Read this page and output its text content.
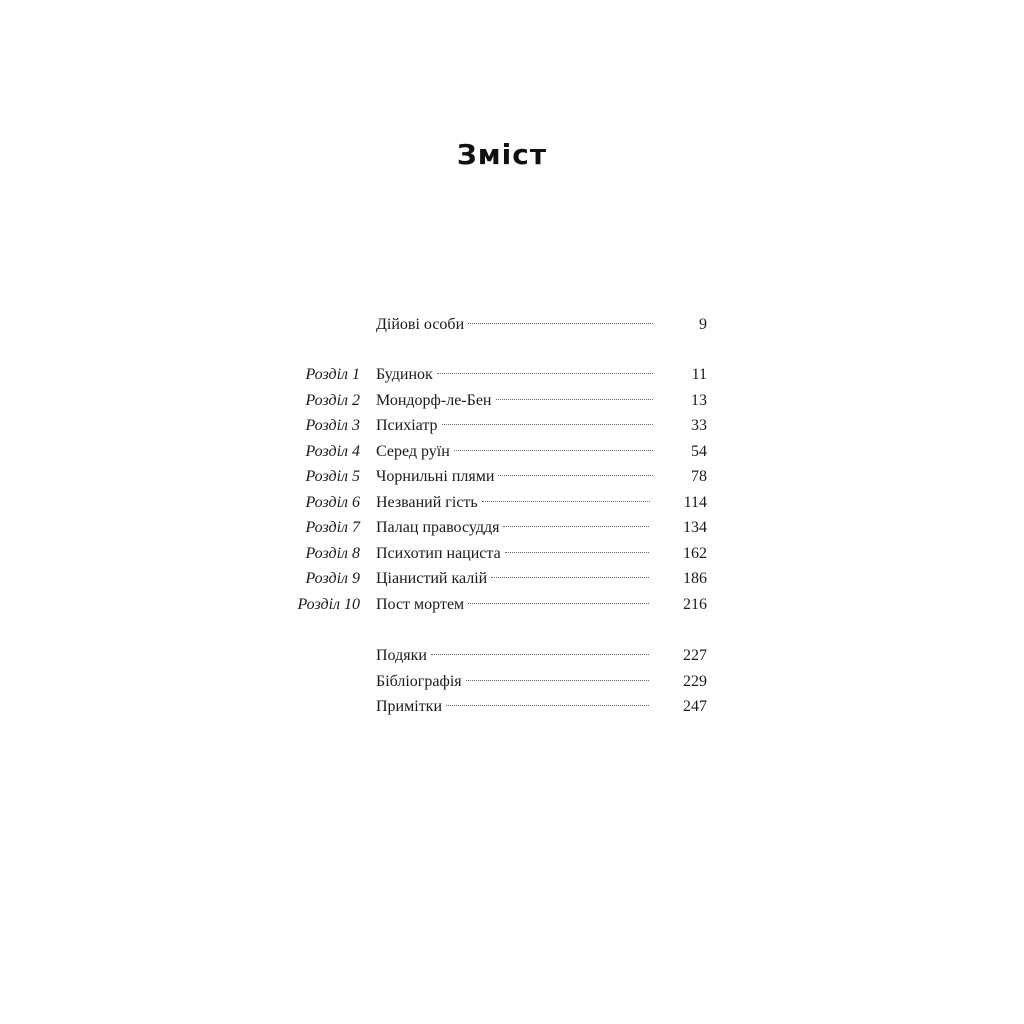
Зміст
Дійові особи	9
Розділ 1 Будинок	11
Розділ 2 Мондорф-ле-Бен	13
Розділ 3 Психіатр	33
Розділ 4 Серед руїн	54
Розділ 5 Чорнильні плями	78
Розділ 6 Незваний гість	114
Розділ 7 Палац правосуддя	134
Розділ 8 Психотип нациста	162
Розділ 9 Ціанистий калій	186
Розділ 10 Пост мортем	216
Подяки	227
Бібліографія	229
Примітки	247
